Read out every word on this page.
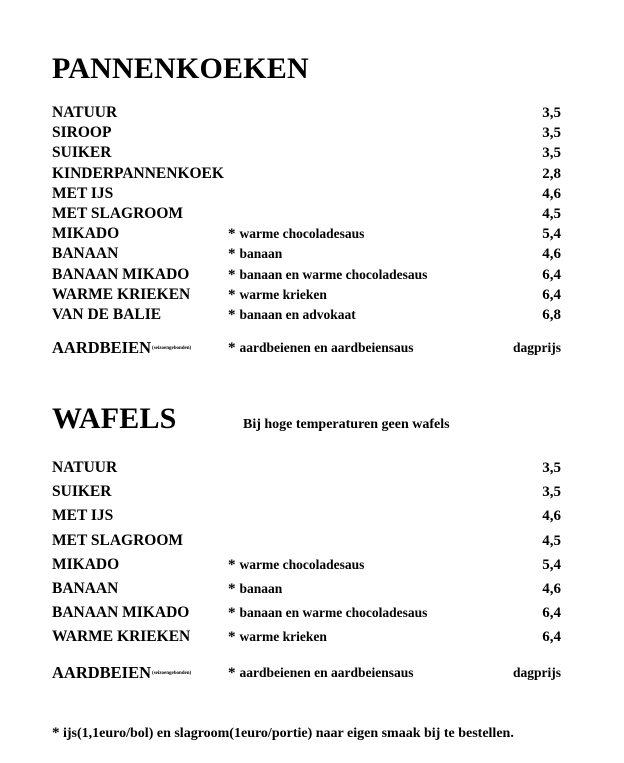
PANNENKOEKEN
NATUUR	3,5
SIROOP	3,5
SUIKER	3,5
KINDERPANNENKOEK	2,8
MET IJS	4,6
MET SLAGROOM	4,5
MIKADO	* warme chocoladesaus	5,4
BANAAN	* banaan	4,6
BANAAN MIKADO	* banaan en warme chocoladesaus	6,4
WARME KRIEKEN	* warme krieken	6,4
VAN DE BALIE	* banaan en advokaat	6,8
AARDBEIEN(seizoengebonden) * aardbeienen en aardbeiensaus	dagprijs
WAFELS	Bij hoge temperaturen geen wafels
NATUUR	3,5
SUIKER	3,5
MET IJS	4,6
MET SLAGROOM	4,5
MIKADO	* warme chocoladesaus	5,4
BANAAN	* banaan	4,6
BANAAN MIKADO	* banaan en warme chocoladesaus	6,4
WARME KRIEKEN	* warme krieken	6,4
AARDBEIEN(seizoengebonden) * aardbeienen en aardbeiensaus	dagprijs
* ijs(1,1euro/bol) en slagroom(1euro/portie) naar eigen smaak bij te bestellen.
